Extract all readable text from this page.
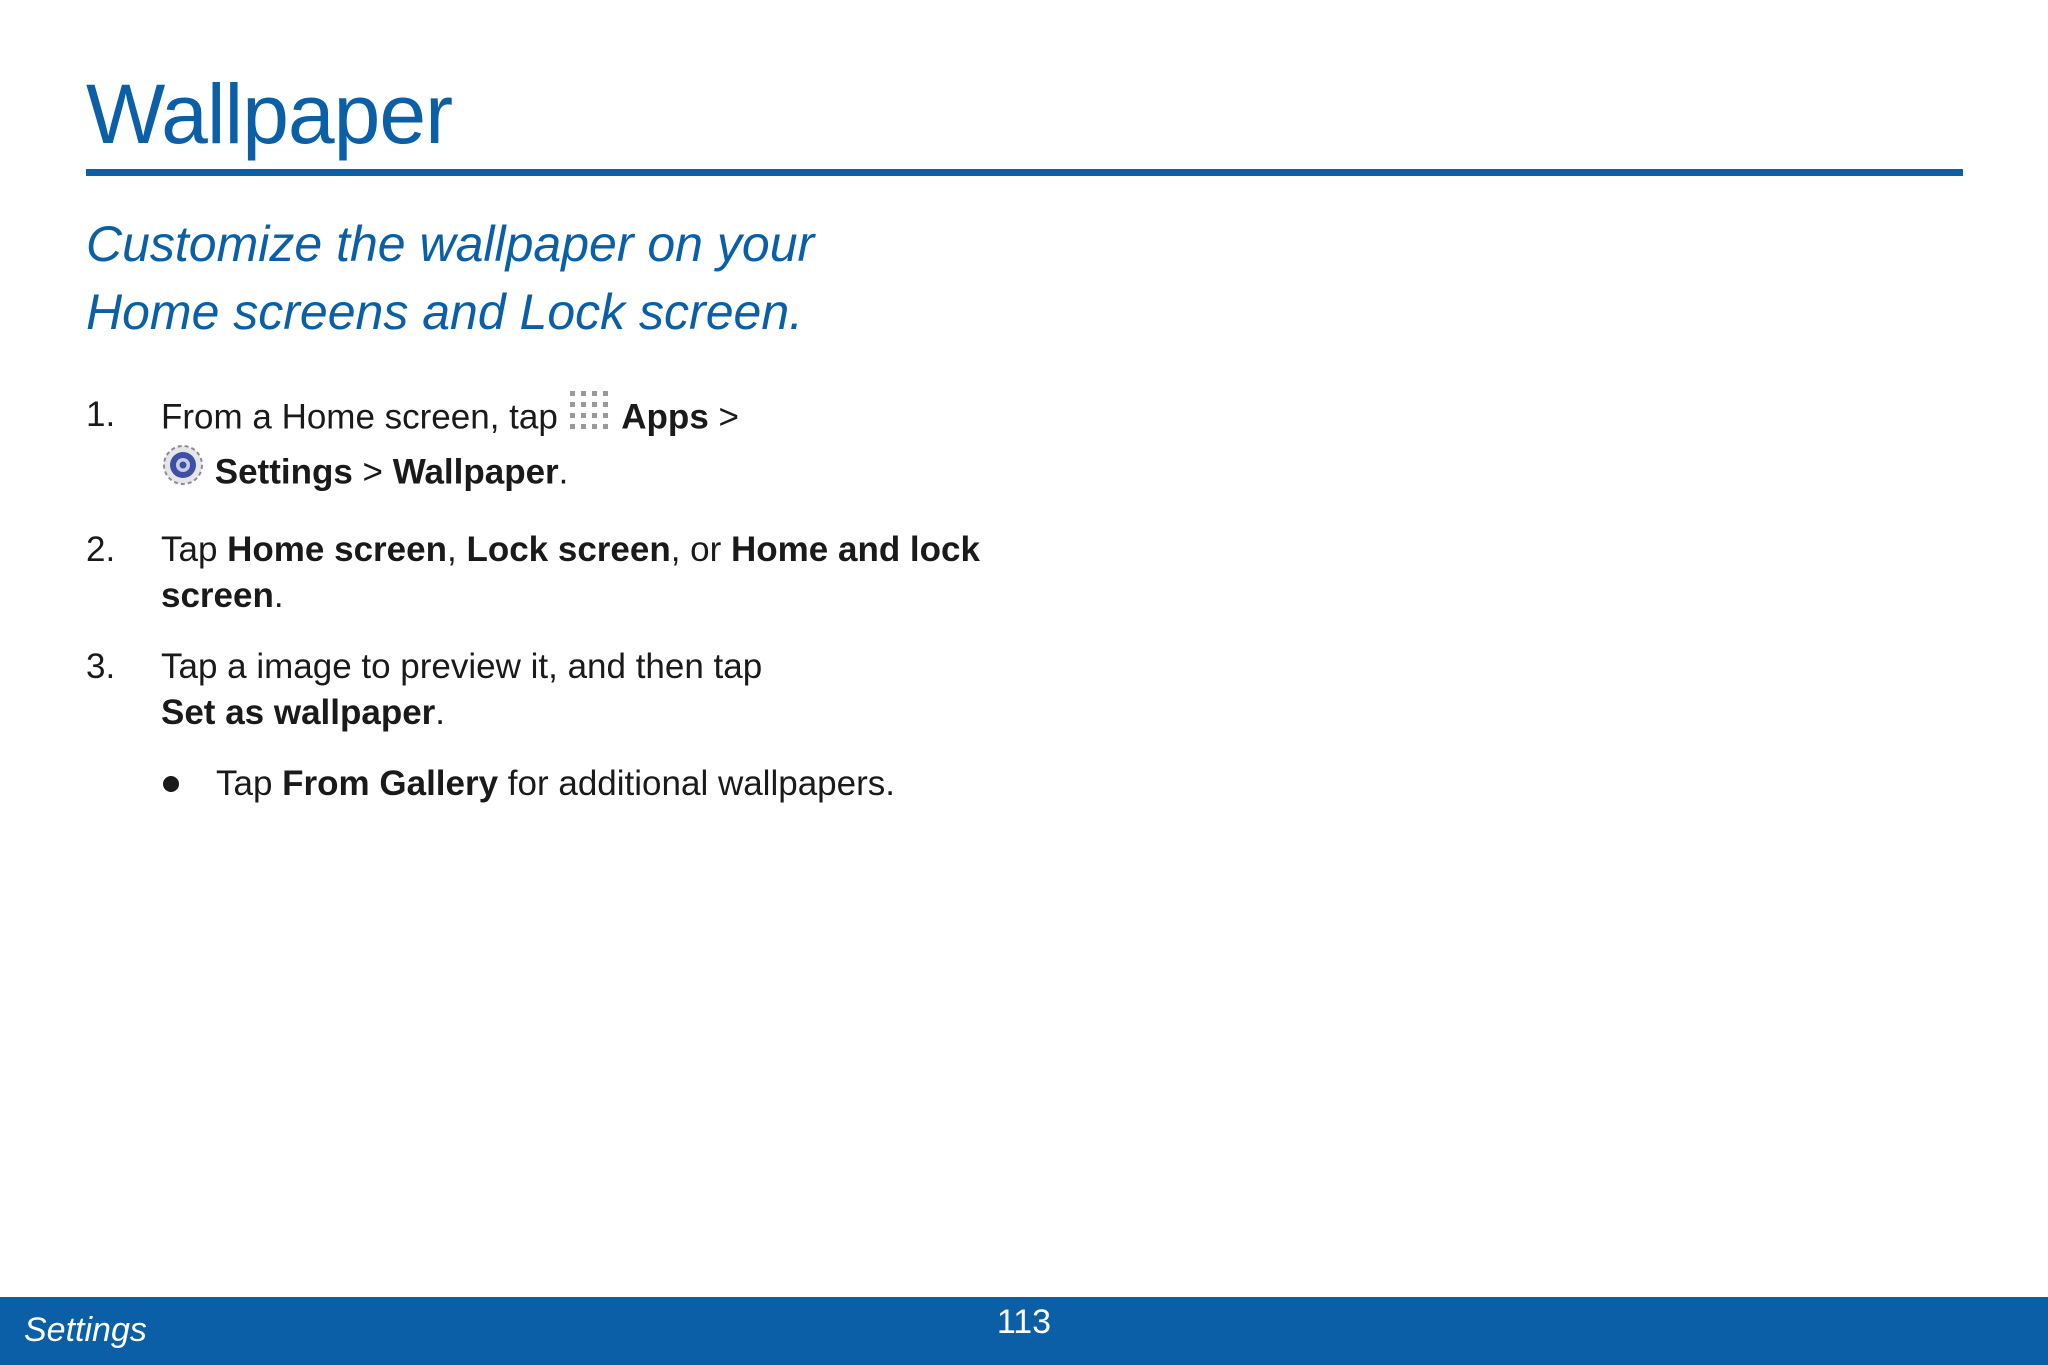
Wallpaper
Customize the wallpaper on your
Home screens and Lock screen.
1.	From a Home screen, tap Apps >
Settings > Wallpaper.
2.	Tap Home screen, Lock screen, or Home and lock screen.
3.	Tap a image to preview it, and then tap
Set as wallpaper.
Tap From Gallery for additional wallpapers.
Settings	113
